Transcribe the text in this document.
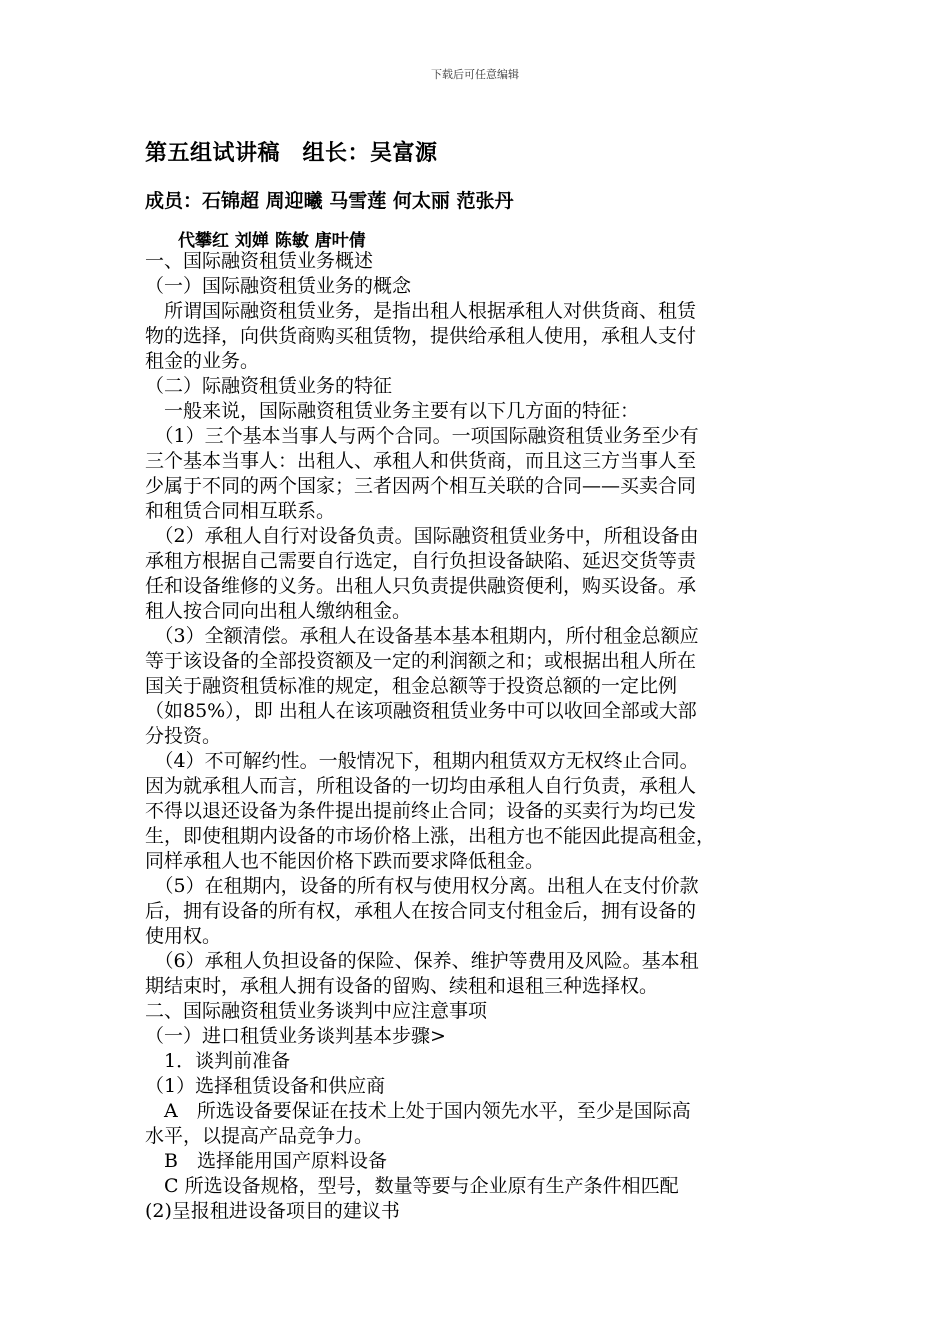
下载后可任意编辑
第五组试讲稿　组长：吴富源
成员：石锦超 周迎曦 马雪莲 何太丽 范张丹
代攀红 刘婵 陈敏 唐叶倩
一、国际融资租赁业务概述
（一）国际融资租赁业务的概念
　所谓国际融资租赁业务，是指出租人根据承租人对供货商、租赁
物的选择，向供货商购买租赁物，提供给承租人使用，承租人支付
租金的业务。
（二）际融资租赁业务的特征
　一般来说，国际融资租赁业务主要有以下几方面的特征：
　（1）三个基本当事人与两个合同。一项国际融资租赁业务至少有
三个基本当事人：出租人、承租人和供货商，而且这三方当事人至
少属于不同的两个国家；三者因两个相互关联的合同——买卖合同
和租赁合同相互联系。
　（2）承租人自行对设备负责。国际融资租赁业务中，所租设备由
承租方根据自己需要自行选定，自行负担设备缺陷、延迟交货等责
任和设备维修的义务。出租人只负责提供融资便利，购买设备。承
租人按合同向出租人缴纳租金。
　（3）全额清偿。承租人在设备基本基本租期内，所付租金总额应
等于该设备的全部投资额及一定的利润额之和；或根据出租人所在
国关于融资租赁标准的规定，租金总额等于投资总额的一定比例
（如85%），即 出租人在该项融资租赁业务中可以收回全部或大部
分投资。
　（4）不可解约性。一般情况下，租期内租赁双方无权终止合同。
因为就承租人而言，所租设备的一切均由承租人自行负责，承租人
不得以退还设备为条件提出提前终止合同；设备的买卖行为均已发
生，即使租期内设备的市场价格上涨，出租方也不能因此提高租金，
同样承租人也不能因价格下跌而要求降低租金。
　（5）在租期内，设备的所有权与使用权分离。出租人在支付价款
后，拥有设备的所有权，承租人在按合同支付租金后，拥有设备的
使用权。
　（6）承租人负担设备的保险、保养、维护等费用及风险。基本租
期结束时，承租人拥有设备的留购、续租和退租三种选择权。
二、国际融资租赁业务谈判中应注意事项
（一）进口租赁业务谈判基本步骤>
　1．谈判前准备
（1）选择租赁设备和供应商
　A　所选设备要保证在技术上处于国内领先水平，至少是国际高
水平，以提高产品竞争力。
　B　选择能用国产原料设备
　C 所选设备规格，型号，数量等要与企业原有生产条件相匹配
(2)呈报租进设备项目的建议书
